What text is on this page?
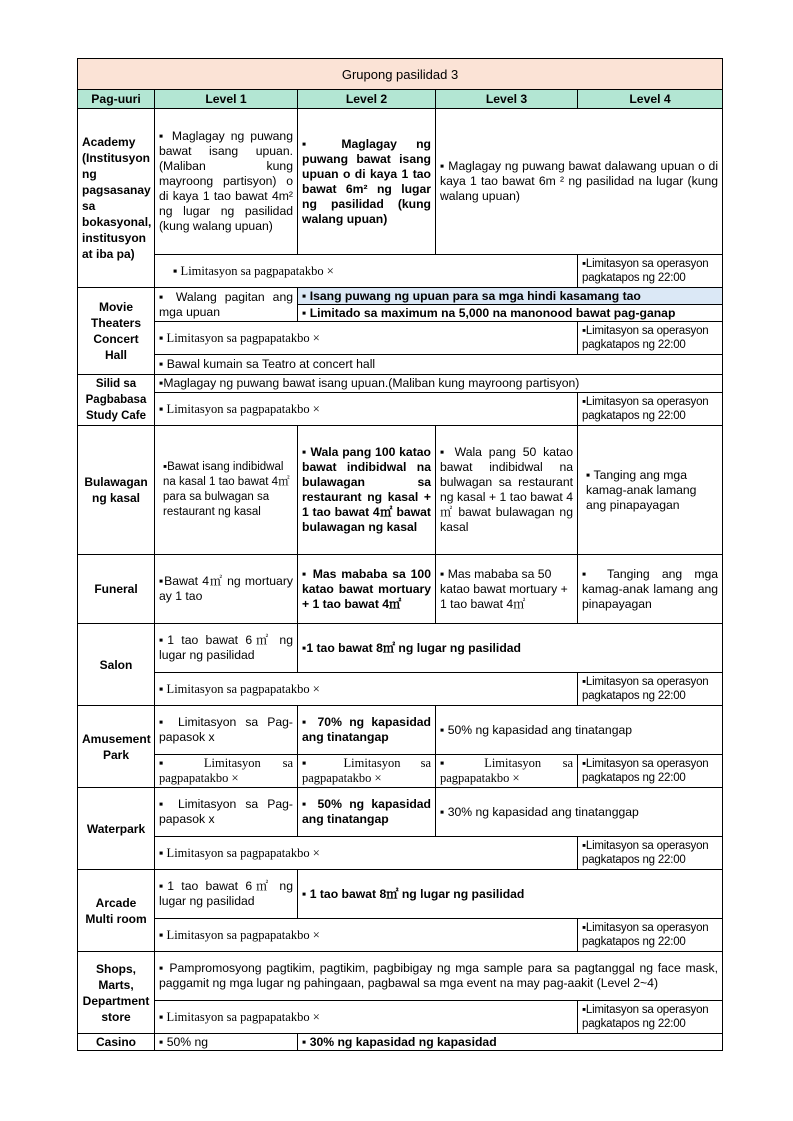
Grupong pasilidad 3				
Pag-uuri	Level 1	Level 2	Level 3	Level 4
Academy (Institusyon ng pagsasanay sa bokasyonal, institusyon at iba pa)	▪ Maglagay ng puwang bawat isang upuan. (Maliban kung mayroong partisyon) o di kaya 1 tao bawat 4m² ng lugar ng pasilidad (kung walang upuan)	▪ Maglagay ng puwang bawat isang upuan o di kaya 1 tao bawat 6m² ng lugar ng pasilidad (kung walang upuan)	▪ Maglagay ng puwang bawat dalawang upuan o di kaya 1 tao bawat 6m ² ng pasilidad na lugar (kung walang upuan)	
	▪ Limitasyon sa pagpapatakbo ×			▪Limitasyon sa operasyon pagkatapos ng 22:00
Movie Theaters Concert Hall	▪ Walang pagitan ang mga upuan	▪ Isang puwang ng upuan para sa mga hindi kasamang tao		
		▪ Limitado sa maximum na 5,000 na manonood bawat pag-ganap		
	▪ Limitasyon sa pagpapatakbo ×			▪Limitasyon sa operasyon pagkatapos ng 22:00
	▪ Bawal kumain sa Teatro at concert hall			
Silid sa Pagbabasa Study Cafe	▪Maglagay ng puwang bawat isang upuan.(Maliban kung mayroong partisyon)			
	▪ Limitasyon sa pagpapatakbo ×			▪Limitasyon sa operasyon pagkatapos ng 22:00
Bulawagan ng kasal	▪Bawat isang indibidwal na kasal 1 tao bawat 4㎡ para sa bulwagan sa restaurant ng kasal	▪ Wala pang 100 katao bawat indibidwal na bulawagan sa restaurant ng kasal + 1 tao bawat 4㎡ bawat bulawagan ng kasal	▪ Wala pang 50 katao bawat indibidwal na bulwagan sa restaurant ng kasal + 1 tao bawat 4㎡ bawat bulawagan ng kasal	▪ Tanging ang mga kamag-anak lamang ang pinapayagan
Funeral	▪Bawat 4㎡ ng mortuary ay 1 tao	▪ Mas mababa sa 100 katao bawat mortuary + 1 tao bawat 4㎡	▪ Mas mababa sa 50 katao bawat mortuary + 1 tao bawat 4㎡	▪ Tanging ang mga kamag-anak lamang ang pinapayagan
Salon	▪1 tao bawat 6㎡ ng lugar ng pasilidad	▪1 tao bawat 8㎡ ng lugar ng pasilidad		
	▪ Limitasyon sa pagpapatakbo ×			▪Limitasyon sa operasyon pagkatapos ng 22:00
Amusement Park	▪ Limitasyon sa Pag-papasok x	▪ 70% ng kapasidad ang tinatangap	▪ 50% ng kapasidad ang tinatangap	
	▪ Limitasyon sa pagpapatakbo ×	▪ Limitasyon sa pagpapatakbo ×	▪ Limitasyon sa pagpapatakbo ×	▪Limitasyon sa operasyon pagkatapos ng 22:00
Waterpark	▪ Limitasyon sa Pag-papasok x	▪ 50% ng kapasidad ang tinatangap	▪ 30% ng kapasidad ang tinatanggap	
	▪ Limitasyon sa pagpapatakbo ×			▪Limitasyon sa operasyon pagkatapos ng 22:00
Arcade Multi room	▪1 tao bawat 6㎡ ng lugar ng pasilidad	▪ 1 tao bawat 8㎡ ng lugar ng pasilidad		
	▪ Limitasyon sa pagpapatakbo ×			▪Limitasyon sa operasyon pagkatapos ng 22:00
Shops, Marts, Department store	▪ Pampromosyong pagtikim, pagtikim, pagbibigay ng mga sample para sa pagtanggal ng face mask, paggamit ng mga lugar ng pahingaan, pagbawal sa mga event na may pag-aakit (Level 2~4)			
	▪ Limitasyon sa pagpapatakbo ×			▪Limitasyon sa operasyon pagkatapos ng 22:00
Casino	▪ 50% ng	▪ 30% ng kapasidad ng kapasidad		
